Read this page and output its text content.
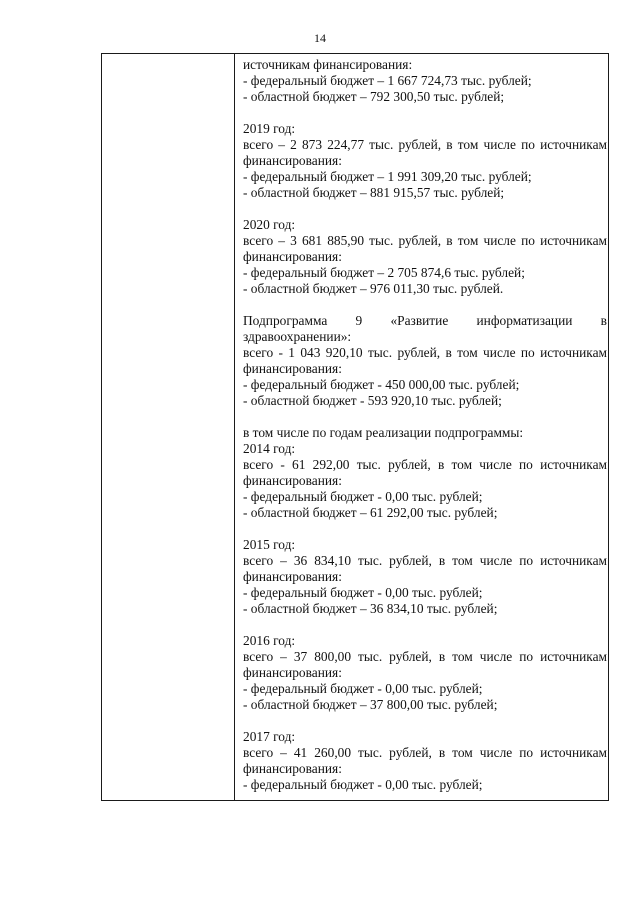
14
источникам финансирования:
- федеральный бюджет – 1 667 724,73 тыс. рублей;
- областной бюджет – 792 300,50 тыс. рублей;
2019 год:
всего – 2 873 224,77 тыс. рублей, в том числе по источникам
финансирования:
- федеральный бюджет – 1 991 309,20 тыс. рублей;
- областной бюджет – 881 915,57 тыс. рублей;
2020 год:
всего – 3 681 885,90 тыс. рублей, в том числе по источникам
финансирования:
- федеральный бюджет – 2 705 874,6 тыс. рублей;
- областной бюджет – 976 011,30 тыс. рублей.
Подпрограмма 9 «Развитие информатизации в
здравоохранении»:
всего - 1 043 920,10 тыс. рублей, в том числе по источникам
финансирования:
- федеральный бюджет - 450 000,00 тыс. рублей;
- областной бюджет - 593 920,10 тыс. рублей;
в том числе по годам реализации подпрограммы:
2014 год:
всего - 61 292,00 тыс. рублей, в том числе по источникам
финансирования:
- федеральный бюджет - 0,00 тыс. рублей;
- областной бюджет – 61 292,00 тыс. рублей;
2015 год:
всего – 36 834,10 тыс. рублей, в том числе по источникам
финансирования:
- федеральный бюджет - 0,00 тыс. рублей;
- областной бюджет – 36 834,10 тыс. рублей;
2016 год:
всего – 37 800,00 тыс. рублей, в том числе по источникам
финансирования:
- федеральный бюджет - 0,00 тыс. рублей;
- областной бюджет – 37 800,00 тыс. рублей;
2017 год:
всего – 41 260,00 тыс. рублей, в том числе по источникам
финансирования:
- федеральный бюджет - 0,00 тыс. рублей;
